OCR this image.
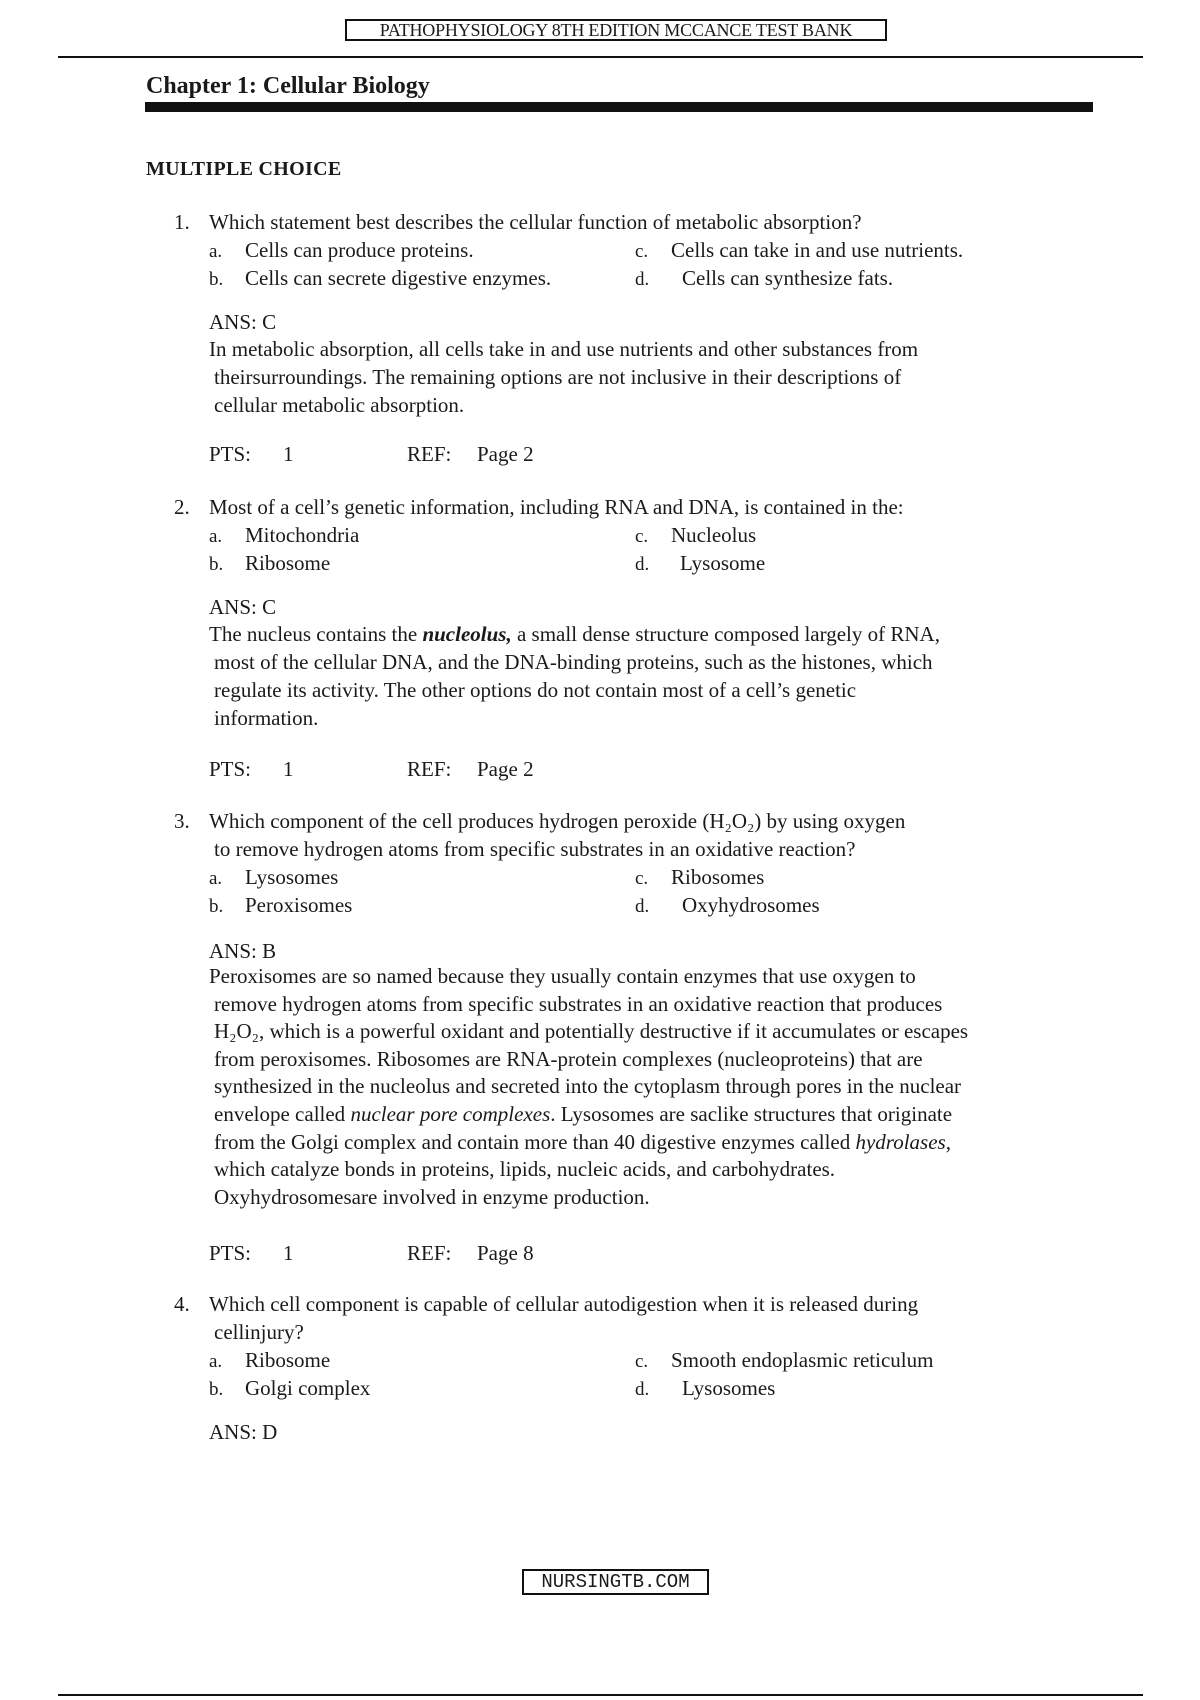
PATHOPHYSIOLOGY 8TH EDITION MCCANCE TEST BANK
Chapter 1: Cellular Biology
MULTIPLE CHOICE
1. Which statement best describes the cellular function of metabolic absorption?
a. Cells can produce proteins.
b. Cells can secrete digestive enzymes.
c. Cells can take in and use nutrients.
d. Cells can synthesize fats.
ANS: C
In metabolic absorption, all cells take in and use nutrients and other substances from
theirsurroundings. The remaining options are not inclusive in their descriptions of
cellular metabolic absorption.
PTS: 1	REF: Page 2
2. Most of a cell’s genetic information, including RNA and DNA, is contained in the:
a. Mitochondria
b. Ribosome
c. Nucleolus
d. Lysosome
ANS: C
The nucleus contains the nucleolus, a small dense structure composed largely of RNA,
most of the cellular DNA, and the DNA-binding proteins, such as the histones, which
regulate its activity. The other options do not contain most of a cell’s genetic
information.
PTS: 1	REF: Page 2
3. Which component of the cell produces hydrogen peroxide (H₂O₂) by using oxygen
to remove hydrogen atoms from specific substrates in an oxidative reaction?
a. Lysosomes
b. Peroxisomes
c. Ribosomes
d. Oxyhydrosomes
ANS: B
Peroxisomes are so named because they usually contain enzymes that use oxygen to
remove hydrogen atoms from specific substrates in an oxidative reaction that produces
H₂O₂, which is a powerful oxidant and potentially destructive if it accumulates or escapes
from peroxisomes. Ribosomes are RNA-protein complexes (nucleoproteins) that are
synthesized in the nucleolus and secreted into the cytoplasm through pores in the nuclear
envelope called nuclear pore complexes. Lysosomes are saclike structures that originate
from the Golgi complex and contain more than 40 digestive enzymes called hydrolases,
which catalyze bonds in proteins, lipids, nucleic acids, and carbohydrates.
Oxyhydrosomesare involved in enzyme production.
PTS: 1	REF: Page 8
4. Which cell component is capable of cellular autodigestion when it is released during
cellinjury?
a. Ribosome
b. Golgi complex
c. Smooth endoplasmic reticulum
d. Lysosomes
ANS: D
NURSINGTB.COM
